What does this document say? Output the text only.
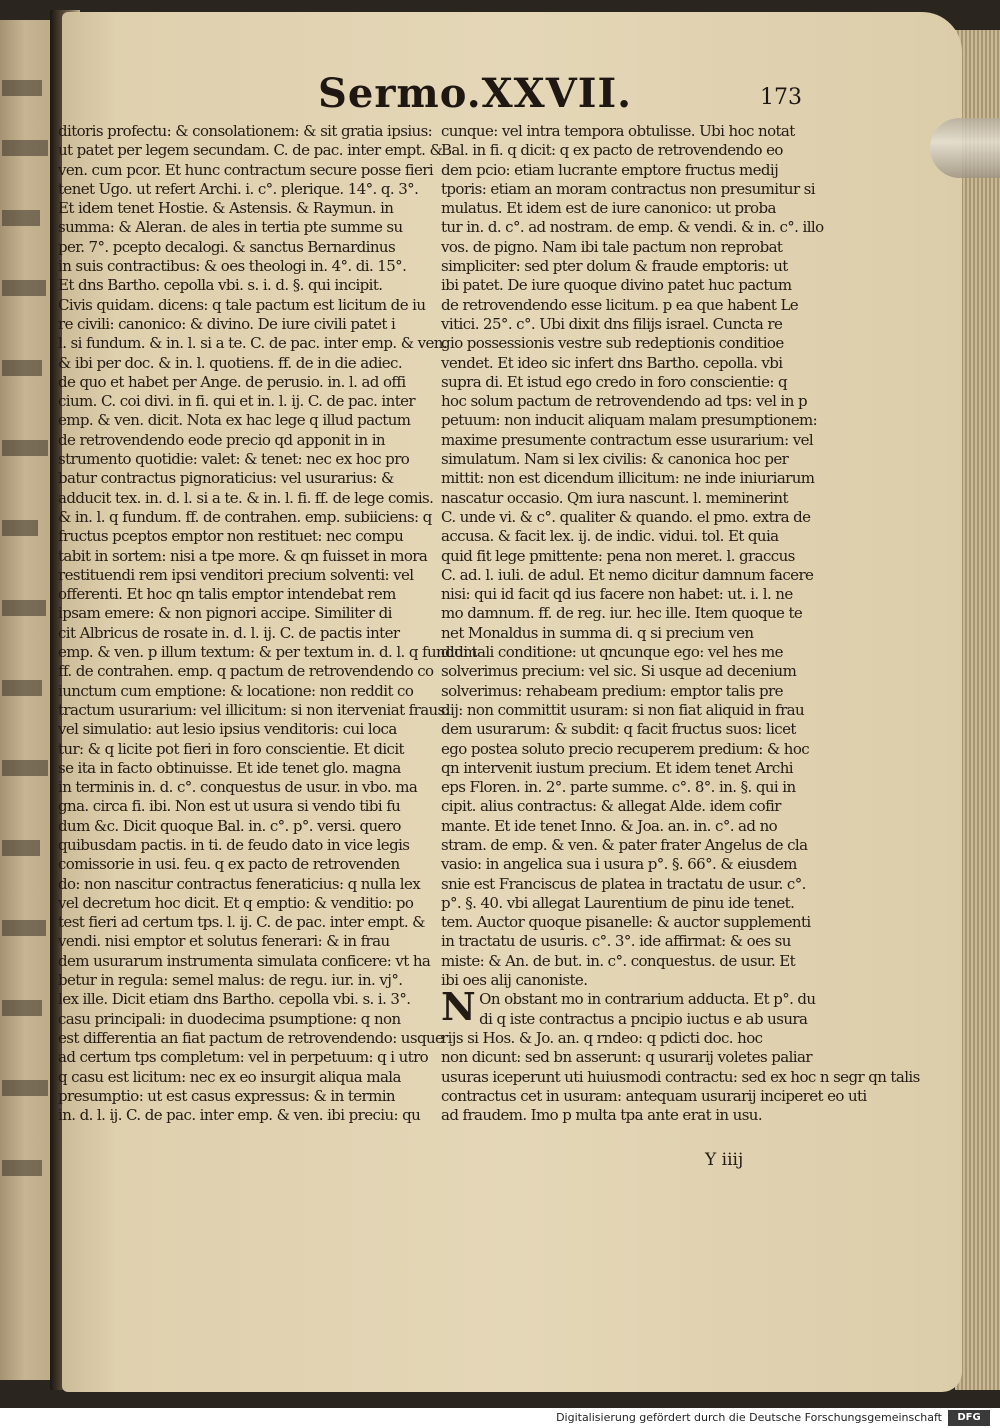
Sermo.XXVII.	173
ditoris profectu: & consolationem: & sit gratia ipsius:
ut patet per legem secundam. C. de pac. inter empt. &
ven. cum pcor. Et hunc contractum secure posse fieri
tenet Ugo. ut refert Archi. i. c°. plerique. 14°. q. 3°.
Et idem tenet Hostie. & Astensis. & Raymun. in
summa: & Aleran. de ales in tertia pte summe su
per. 7°. pcepto decalogi. & sanctus Bernardinus
in suis contractibus: & oes theologi in. 4°. di. 15°.
Et dns Bartho. cepolla vbi. s. i. d. §. qui incipit.
Civis quidam. dicens: q tale pactum est licitum de iu
re civili: canonico: & divino. De iure civili patet i
l. si fundum. & in. l. si a te. C. de pac. inter emp. & ven.
& ibi per doc. & in. l. quotiens. ff. de in die adiec.
de quo et habet per Ange. de perusio. in. l. ad offi
cium. C. coi divi. in fi. qui et in. l. ij. C. de pac. inter
emp. & ven. dicit. Nota ex hac lege q illud pactum
de retrovendendo eode precio qd apponit in in
strumento quotidie: valet: & tenet: nec ex hoc pro
batur contractus pignoraticius: vel usurarius: &
adducit tex. in. d. l. si a te. & in. l. fi. ff. de lege comis.
& in. l. q fundum. ff. de contrahen. emp. subiiciens: q
fructus pceptos emptor non restituet: nec compu
tabit in sortem: nisi a tpe more. & qn fuisset in mora
restituendi rem ipsi venditori precium solventi: vel
offerenti. Et hoc qn talis emptor intendebat rem
ipsam emere: & non pignori accipe. Similiter di
cit Albricus de rosate in. d. l. ij. C. de pactis inter
emp. & ven. p illum textum: & per textum in. d. l. q fundum
ff. de contrahen. emp. q pactum de retrovendendo co
iunctum cum emptione: & locatione: non reddit co
tractum usurarium: vel illicitum: si non iterveniat fraus:
vel simulatio: aut lesio ipsius venditoris: cui loca
tur: & q licite pot fieri in foro conscientie. Et dicit
se ita in facto obtinuisse. Et ide tenet glo. magna
in terminis in. d. c°. conquestus de usur. in vbo. ma
gna. circa fi. ibi. Non est ut usura si vendo tibi fu
dum &c. Dicit quoque Bal. in. c°. p°. versi. quero
quibusdam pactis. in ti. de feudo dato in vice legis
comissorie in usi. feu. q ex pacto de retrovenden
do: non nascitur contractus feneraticius: q nulla lex
vel decretum hoc dicit. Et q emptio: & venditio: po
test fieri ad certum tps. l. ij. C. de pac. inter empt. &
vendi. nisi emptor et solutus fenerari: & in frau
dem usurarum instrumenta simulata conficere: vt ha
betur in regula: semel malus: de regu. iur. in. vj°.
lex ille. Dicit etiam dns Bartho. cepolla vbi. s. i. 3°.
casu principali: in duodecima psumptione: q non
est differentia an fiat pactum de retrovendendo: usque
ad certum tps completum: vel in perpetuum: q i utro
q casu est licitum: nec ex eo insurgit aliqua mala
presumptio: ut est casus expressus: & in termin
in. d. l. ij. C. de pac. inter emp. & ven. ibi preciu: qu
cunque: vel intra tempora obtulisse. Ubi hoc notat
Bal. in fi. q dicit: q ex pacto de retrovendendo eo
dem pcio: etiam lucrante emptore fructus medij
tporis: etiam an moram contractus non presumitur si
mulatus. Et idem est de iure canonico: ut proba
tur in. d. c°. ad nostram. de emp. & vendi. & in. c°. illo
vos. de pigno. Nam ibi tale pactum non reprobat
simpliciter: sed pter dolum & fraude emptoris: ut
ibi patet. De iure quoque divino patet huc pactum
de retrovendendo esse licitum. p ea que habent Le
vitici. 25°. c°. Ubi dixit dns filijs israel. Cuncta re
gio possessionis vestre sub redeptionis conditioe
vendet. Et ideo sic infert dns Bartho. cepolla. vbi
supra di. Et istud ego credo in foro conscientie: q
hoc solum pactum de retrovendendo ad tps: vel in p
petuum: non inducit aliquam malam presumptionem:
maxime presumente contractum esse usurarium: vel
simulatum. Nam si lex civilis: & canonica hoc per
mittit: non est dicendum illicitum: ne inde iniuriarum
nascatur occasio. Qm iura nascunt. l. meminerint
C. unde vi. & c°. qualiter & quando. el pmo. extra de
accusa. & facit lex. ij. de indic. vidui. tol. Et quia
quid fit lege pmittente: pena non meret. l. graccus
C. ad. l. iuli. de adul. Et nemo dicitur damnum facere
nisi: qui id facit qd ius facere non habet: ut. i. l. ne
mo damnum. ff. de reg. iur. hec ille. Item quoque te
net Monaldus in summa di. q si precium ven
didi tali conditione: ut qncunque ego: vel hes me
solverimus precium: vel sic. Si usque ad decenium
solverimus: rehabeam predium: emptor talis pre
dij: non committit usuram: si non fiat aliquid in frau
dem usurarum: & subdit: q facit fructus suos: licet
ego postea soluto precio recuperem predium: & hoc
qn intervenit iustum precium. Et idem tenet Archi
eps Floren. in. 2°. parte summe. c°. 8°. in. §. qui in
cipit. alius contractus: & allegat Alde. idem cofir
mante. Et ide tenet Inno. & Joa. an. in. c°. ad no
stram. de emp. & ven. & pater frater Angelus de cla
vasio: in angelica sua i usura p°. §. 66°. & eiusdem
snie est Franciscus de platea in tractatu de usur. c°.
p°. §. 40. vbi allegat Laurentium de pinu ide tenet.
tem. Auctor quoque pisanelle: & auctor supplementi
in tractatu de usuris. c°. 3°. ide affirmat: & oes su
miste: & An. de but. in. c°. conquestus. de usur. Et
ibi oes alij canoniste.
N On obstant mo in contrarium adducta. Et p°. du
di q iste contractus a pncipio iuctus e ab usura
rijs si Hos. & Jo. an. q rndeo: q pdicti doc. hoc
non dicunt: sed bn asserunt: q usurarij voletes paliar
usuras iceperunt uti huiusmodi contractu: sed ex hoc n segr qn talis
contractus cet in usuram: antequam usurarij inciperet eo uti
ad fraudem. Imo p multa tpa ante erat in usu.
Y iiij
Digitalisierung gefördert durch die Deutsche Forschungsgemeinschaft	DFG
